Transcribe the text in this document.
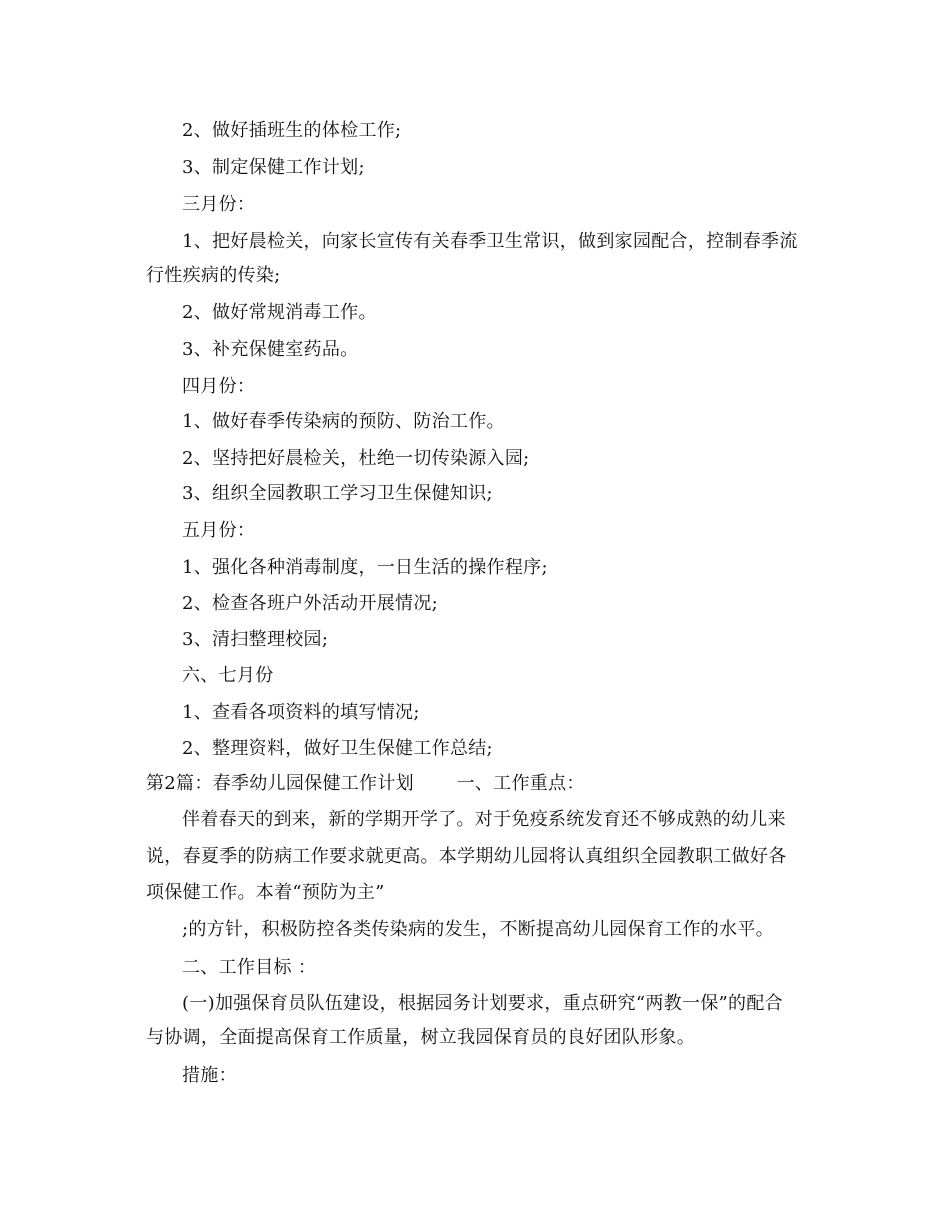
2、做好插班生的体检工作;
3、制定保健工作计划;
三月份：
1、把好晨检关，向家长宣传有关春季卫生常识，做到家园配合，控制春季流
行性疾病的传染;
2、做好常规消毒工作。
3、补充保健室药品。
四月份：
1、做好春季传染病的预防、防治工作。
2、坚持把好晨检关，杜绝一切传染源入园;
3、组织全园教职工学习卫生保健知识;
五月份：
1、强化各种消毒制度，一日生活的操作程序;
2、检查各班户外活动开展情况;
3、清扫整理校园;
六、七月份
1、查看各项资料的填写情况;
2、整理资料，做好卫生保健工作总结;
第2篇：春季幼儿园保健工作计划　　 一、工作重点：
伴着春天的到来，新的学期开学了。对于免疫系统发育还不够成熟的幼儿来
说，春夏季的防病工作要求就更高。本学期幼儿园将认真组织全园教职工做好各
项保健工作。本着“预防为主”
;的方针，积极防控各类传染病的发生，不断提高幼儿园保育工作的水平。
二、工作目标 ：
(一)加强保育员队伍建设，根据园务计划要求，重点研究“两教一保”的配合
与协调，全面提高保育工作质量，树立我园保育员的良好团队形象。
措施：
